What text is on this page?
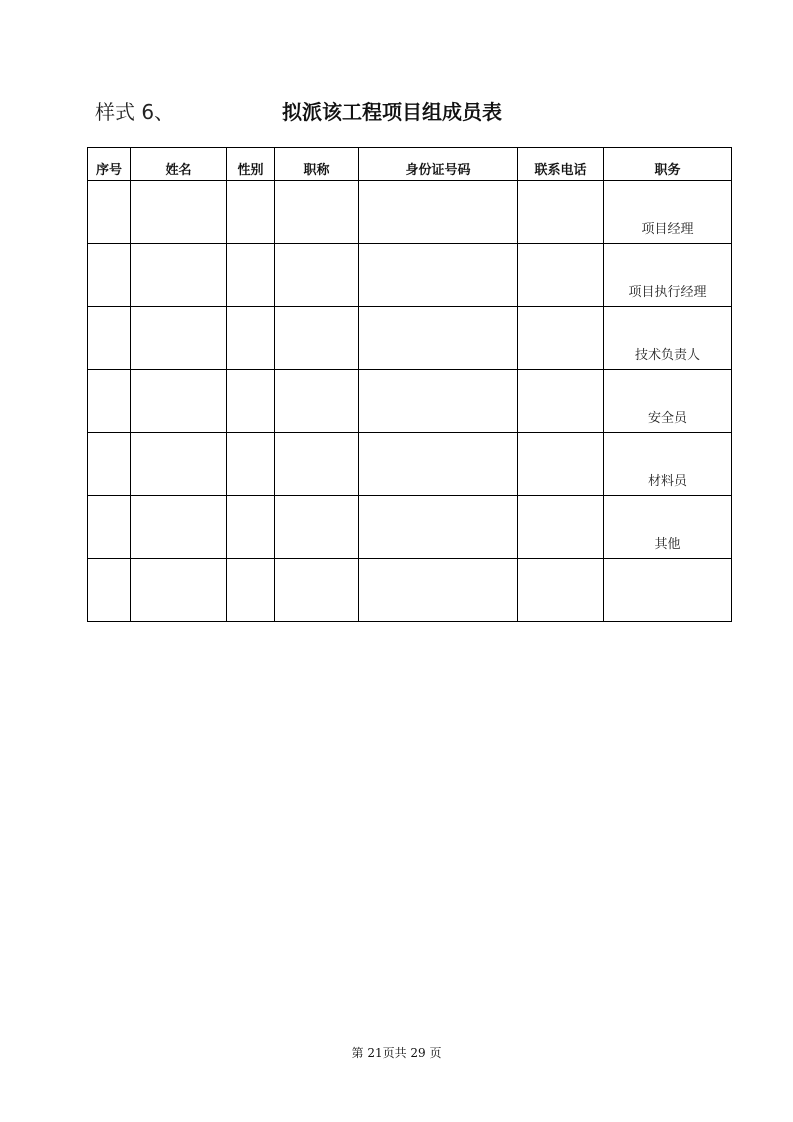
样式 6、	拟派该工程项目组成员表
序号	姓名	性别	职称	身份证号码	联系电话	职务
						项目经理
						项目执行经理
						技术负责人
						安全员
						材料员
						其他

第 21页共 29 页
